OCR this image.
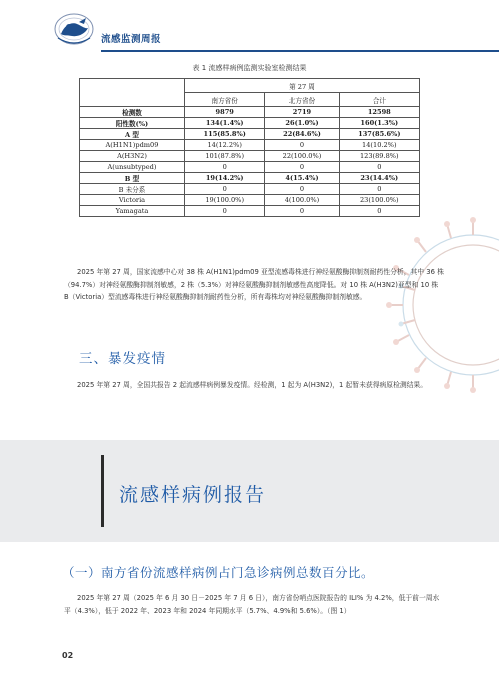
流感监测周报
表 1 流感样病例监测实验室检测结果
	第 27 周		
	南方省份	北方省份	合计
检测数	9879	2719	12598
阳性数(%)	134(1.4%)	26(1.0%)	160(1.3%)
A 型	115(85.8%)	22(84.6%)	137(85.6%)
A(H1N1)pdm09	14(12.2%)	0	14(10.2%)
A(H3N2)	101(87.8%)	22(100.0%)	123(89.8%)
A(unsubtyped)	0	0	0
B 型	19(14.2%)	4(15.4%)	23(14.4%)
B 未分系	0	0	0
Victoria	19(100.0%)	4(100.0%)	23(100.0%)
Yamagata	0	0	0
2025 年第 27 周，国家流感中心对 38 株 A(H1N1)pdm09 亚型流感毒株进行神经氨酸酶抑制剂耐药性分析，其中 36 株（94.7%）对神经氨酸酶抑制剂敏感，2 株（5.3%）对神经氨酸酶抑制剂敏感性高度降低。对 10 株 A(H3N2)亚型和 10 株 B（Victoria）型流感毒株进行神经氨酸酶抑制剂耐药性分析，所有毒株均对神经氨酸酶抑制剂敏感。
三、暴发疫情
2025 年第 27 周，全国共报告 2 起流感样病例暴发疫情。经检测，1 起为 A(H3N2)，1 起暂未获得病原检测结果。
流感样病例报告
（一）南方省份流感样病例占门急诊病例总数百分比。
2025 年第 27 周（2025 年 6 月 30 日－2025 年 7 月 6 日），南方省份哨点医院报告的 ILI% 为 4.2%，低于前一周水平（4.3%），低于 2022 年、2023 年和 2024 年同期水平（5.7%、4.9%和 5.6%）。（图 1）
02
